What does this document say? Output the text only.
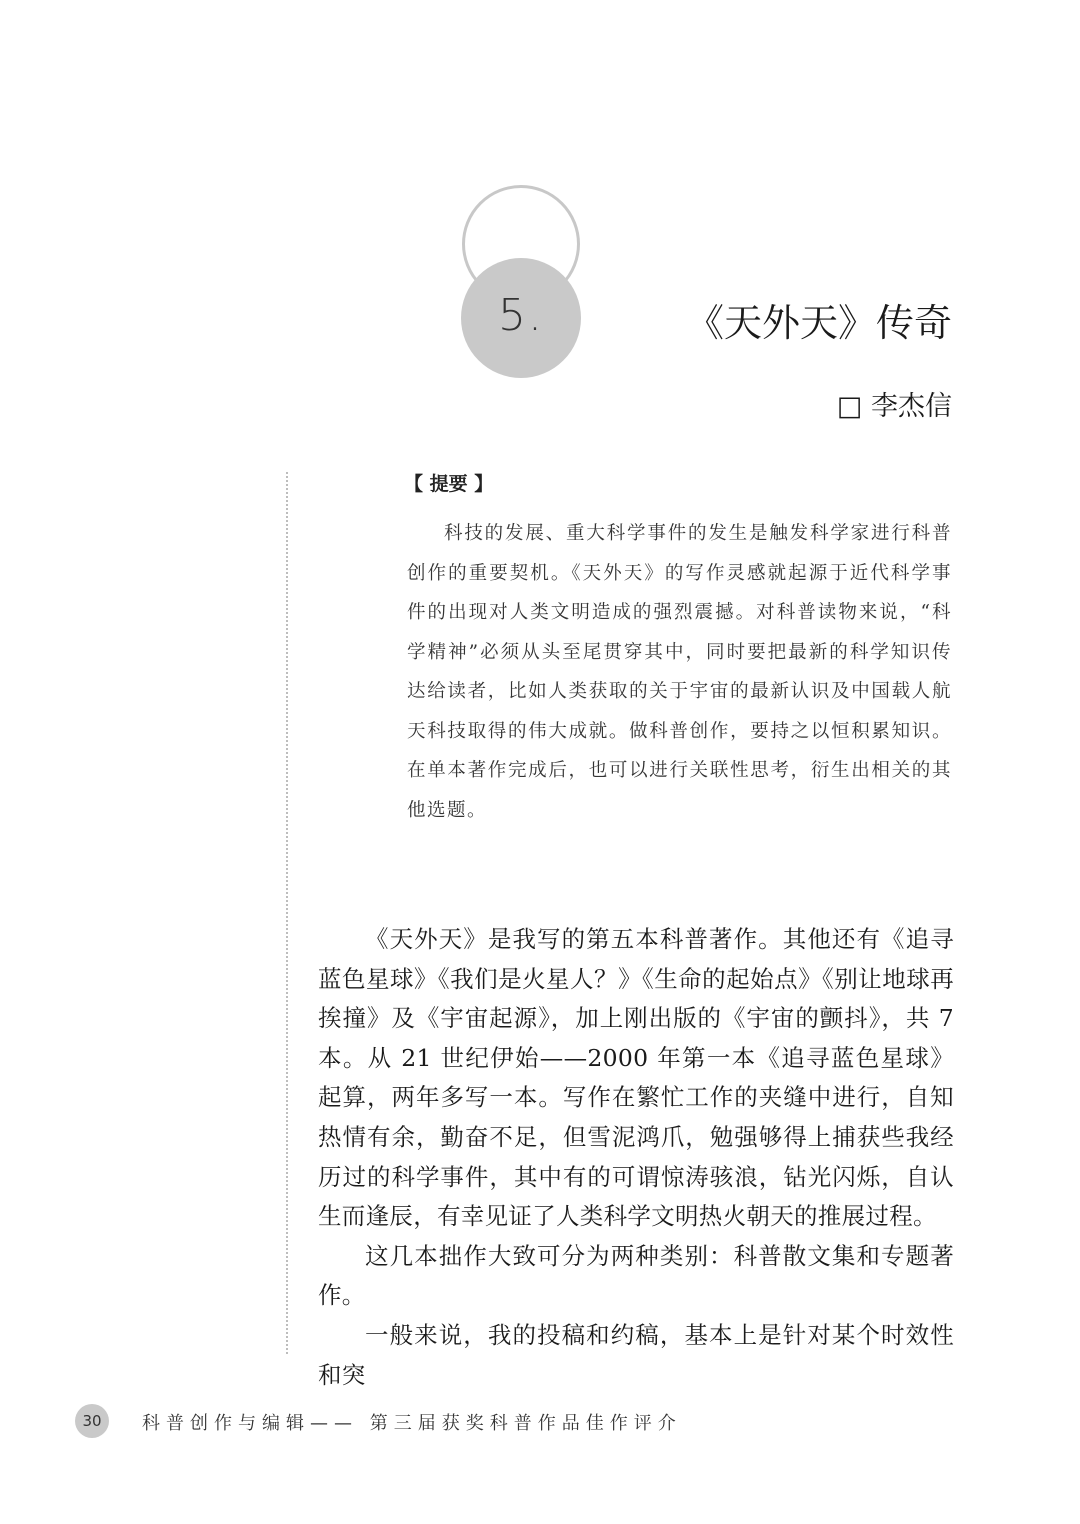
5.	《天外天》传奇
□ 李杰信
【 提要 】

科技的发展、重大科学事件的发生是触发科学家进行科普创作的重要契机。《天外天》的写作灵感就起源于近代科学事件的出现对人类文明造成的强烈震撼。对科普读物来说，“科学精神”必须从头至尾贯穿其中，同时要把最新的科学知识传达给读者，比如人类获取的关于宇宙的最新认识及中国载人航天科技取得的伟大成就。做科普创作，要持之以恒积累知识。在单本著作完成后，也可以进行关联性思考，衍生出相关的其他选题。

《天外天》是我写的第五本科普著作。其他还有《追寻蓝色星球》《我们是火星人？》《生命的起始点》《别让地球再挨撞》及《宇宙起源》，加上刚出版的《宇宙的颤抖》，共 7 本。从 21 世纪伊始——2000 年第一本《追寻蓝色星球》起算，两年多写一本。写作在繁忙工作的夹缝中进行，自知热情有余，勤奋不足，但雪泥鸿爪，勉强够得上捕获些我经历过的科学事件，其中有的可谓惊涛骇浪，钻光闪烁，自认生而逢辰，有幸见证了人类科学文明热火朝天的推展过程。

这几本拙作大致可分为两种类别：科普散文集和专题著作。

一般来说，我的投稿和约稿，基本上是针对某个时效性和突

30	科普创作与编辑—— 第三届获奖科普作品佳作评介
